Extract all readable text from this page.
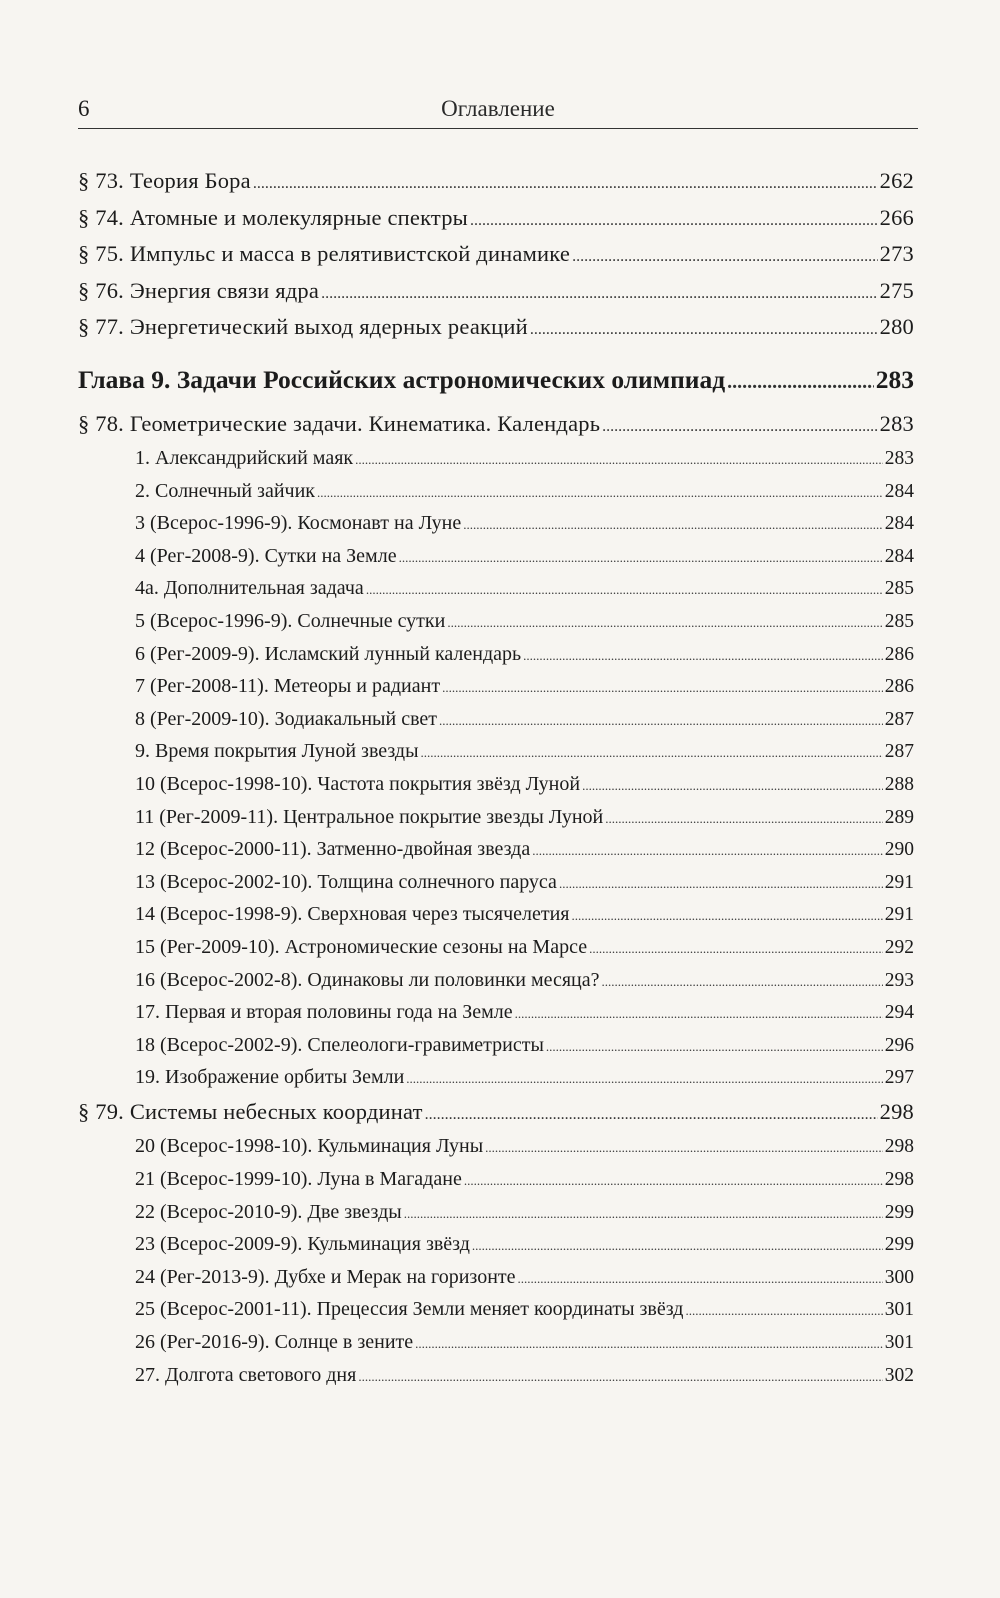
6	Оглавление
§ 73. Теория Бора .....	262
§ 74. Атомные и молекулярные спектры .....	266
§ 75. Импульс и масса в релятивистской динамике .....	273
§ 76. Энергия связи ядра .....	275
§ 77. Энергетический выход ядерных реакций .....	280
Глава 9. Задачи Российских астрономических олимпиад .....	283
§ 78. Геометрические задачи. Кинематика. Календарь .....	283
1. Александрийский маяк .....	283
2. Солнечный зайчик .....	284
3 (Всерос-1996-9). Космонавт на Луне .....	284
4 (Рег-2008-9). Сутки на Земле .....	284
4а. Дополнительная задача .....	285
5 (Всерос-1996-9). Солнечные сутки .....	285
6 (Рег-2009-9). Исламский лунный календарь .....	286
7 (Рег-2008-11). Метеоры и радиант .....	286
8 (Рег-2009-10). Зодиакальный свет .....	287
9. Время покрытия Луной звезды .....	287
10 (Всерос-1998-10). Частота покрытия звёзд Луной .....	288
11 (Рег-2009-11). Центральное покрытие звезды Луной .....	289
12 (Всерос-2000-11). Затменно-двойная звезда .....	290
13 (Всерос-2002-10). Толщина солнечного паруса .....	291
14 (Всерос-1998-9). Сверхновая через тысячелетия .....	291
15 (Рег-2009-10). Астрономические сезоны на Марсе .....	292
16 (Всерос-2002-8). Одинаковы ли половинки месяца? .....	293
17. Первая и вторая половины года на Земле .....	294
18 (Всерос-2002-9). Спелеологи-гравиметристы .....	296
19. Изображение орбиты Земли .....	297
§ 79. Системы небесных координат .....	298
20 (Всерос-1998-10). Кульминация Луны .....	298
21 (Всерос-1999-10). Луна в Магадане .....	298
22 (Всерос-2010-9). Две звезды .....	299
23 (Всерос-2009-9). Кульминация звёзд .....	299
24 (Рег-2013-9). Дубхе и Мерак на горизонте .....	300
25 (Всерос-2001-11). Прецессия Земли меняет координаты звёзд .....	301
26 (Рег-2016-9). Солнце в зените .....	301
27. Долгота светового дня .....	302
